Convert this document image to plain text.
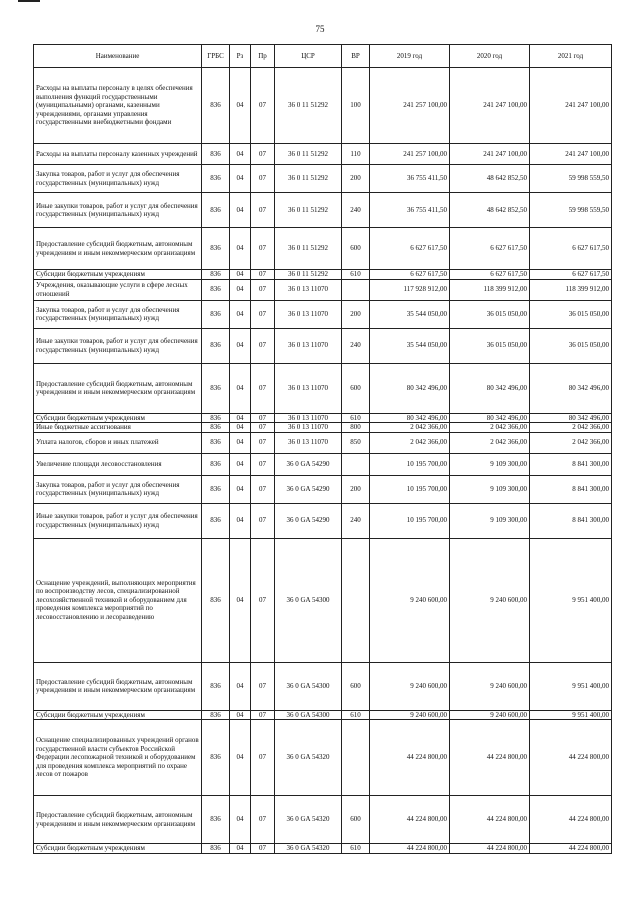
75
Наименование	ГРБС	Рз	Пр	ЦСР	ВР	2019 год	2020 год	2021 год
Расходы на выплаты персоналу в целях обеспечения выполнения функций государственными (муниципальными) органами, казенными учреждениями, органами управления государственными внебюджетными фондами	836	04	07	36 0 11 51292	100	241 257 100,00	241 247 100,00	241 247 100,00
Расходы на выплаты персоналу казенных учреждений	836	04	07	36 0 11 51292	110	241 257 100,00	241 247 100,00	241 247 100,00
Закупка товаров, работ и услуг для обеспечения государственных (муниципальных) нужд	836	04	07	36 0 11 51292	200	36 755 411,50	48 642 852,50	59 998 559,50
Иные закупки товаров, работ и услуг для обеспечения государственных (муниципальных) нужд	836	04	07	36 0 11 51292	240	36 755 411,50	48 642 852,50	59 998 559,50
Предоставление субсидий бюджетным, автономным учреждениям и иным некоммерческим организациям	836	04	07	36 0 11 51292	600	6 627 617,50	6 627 617,50	6 627 617,50
Субсидии бюджетным учреждениям	836	04	07	36 0 11 51292	610	6 627 617,50	6 627 617,50	6 627 617,50
Учреждения, оказывающие услуги в сфере лесных отношений	836	04	07	36 0 13 11070		117 928 912,00	118 399 912,00	118 399 912,00
Закупка товаров, работ и услуг для обеспечения государственных (муниципальных) нужд	836	04	07	36 0 13 11070	200	35 544 050,00	36 015 050,00	36 015 050,00
Иные закупки товаров, работ и услуг для обеспечения государственных (муниципальных) нужд	836	04	07	36 0 13 11070	240	35 544 050,00	36 015 050,00	36 015 050,00
Предоставление субсидий бюджетным, автономным учреждениям и иным некоммерческим организациям	836	04	07	36 0 13 11070	600	80 342 496,00	80 342 496,00	80 342 496,00
Субсидии бюджетным учреждениям	836	04	07	36 0 13 11070	610	80 342 496,00	80 342 496,00	80 342 496,00
Иные бюджетные ассигнования	836	04	07	36 0 13 11070	800	2 042 366,00	2 042 366,00	2 042 366,00
Уплата налогов, сборов и иных платежей	836	04	07	36 0 13 11070	850	2 042 366,00	2 042 366,00	2 042 366,00
Увеличение площади лесовосстановления	836	04	07	36 0 GA 54290		10 195 700,00	9 109 300,00	8 841 300,00
Закупка товаров, работ и услуг для обеспечения государственных (муниципальных) нужд	836	04	07	36 0 GA 54290	200	10 195 700,00	9 109 300,00	8 841 300,00
Иные закупки товаров, работ и услуг для обеспечения государственных (муниципальных) нужд	836	04	07	36 0 GA 54290	240	10 195 700,00	9 109 300,00	8 841 300,00
Оснащение учреждений, выполняющих мероприятия по воспроизводству лесов, специализированной лесохозяйственной техникой и оборудованием для проведения комплекса мероприятий по лесовосстановлению и лесоразведению	836	04	07	36 0 GA 54300		9 240 600,00	9 240 600,00	9 951 400,00
Предоставление субсидий бюджетным, автономным учреждениям и иным некоммерческим организациям	836	04	07	36 0 GA 54300	600	9 240 600,00	9 240 600,00	9 951 400,00
Субсидии бюджетным учреждениям	836	04	07	36 0 GA 54300	610	9 240 600,00	9 240 600,00	9 951 400,00
Оснащение специализированных учреждений органов государственной власти субъектов Российской Федерации лесопожарной техникой и оборудованием для проведения комплекса мероприятий по охране лесов от пожаров	836	04	07	36 0 GA 54320		44 224 800,00	44 224 800,00	44 224 800,00
Предоставление субсидий бюджетным, автономным учреждениям и иным некоммерческим организациям	836	04	07	36 0 GA 54320	600	44 224 800,00	44 224 800,00	44 224 800,00
Субсидии бюджетным учреждениям	836	04	07	36 0 GA 54320	610	44 224 800,00	44 224 800,00	44 224 800,00
